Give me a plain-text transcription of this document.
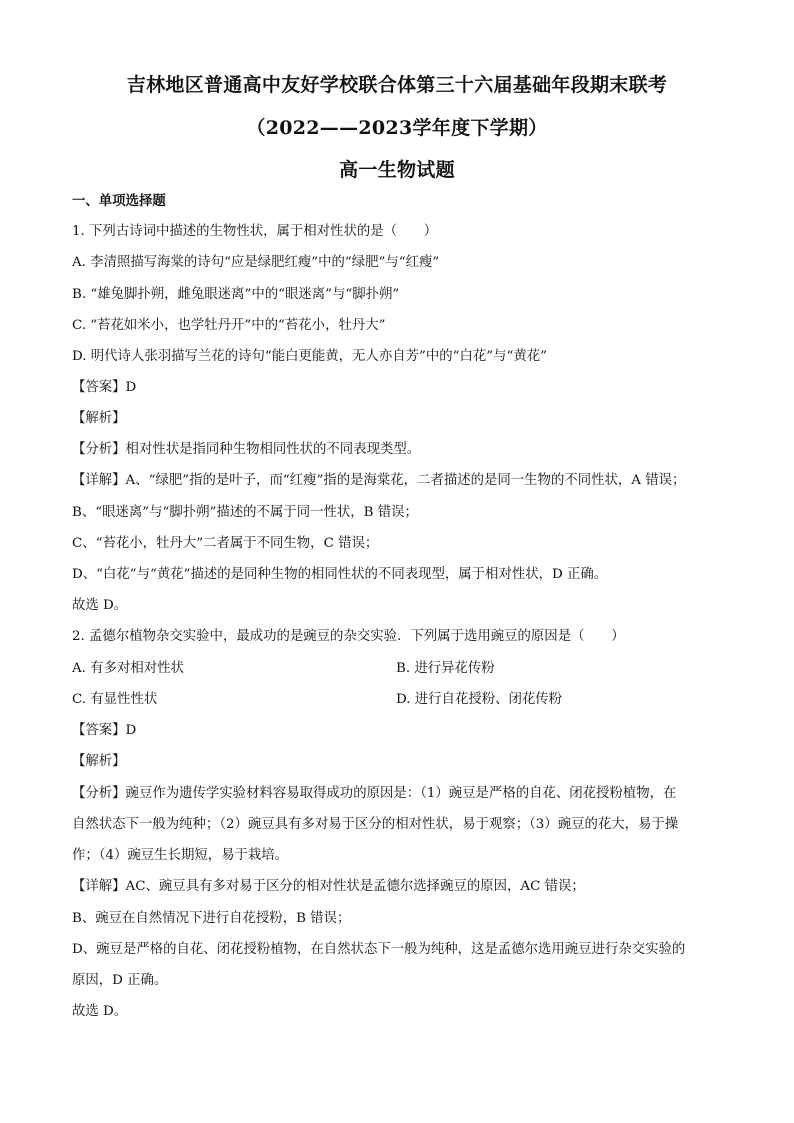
吉林地区普通高中友好学校联合体第三十六届基础年段期末联考
（2022——2023学年度下学期）
高一生物试题
一、单项选择题
1. 下列古诗词中描述的生物性状，属于相对性状的是（　　）
A. 李清照描写海棠的诗句“应是绿肥红瘦”中的“绿肥”与“红瘦”
B. “雄兔脚扑朔，雌兔眼迷离”中的“眼迷离”与“脚扑朔”
C. “苔花如米小，也学牡丹开”中的“苔花小，牡丹大”
D. 明代诗人张羽描写兰花的诗句“能白更能黄，无人亦自芳”中的“白花”与“黄花”
【答案】D
【解析】
【分析】相对性状是指同种生物相同性状的不同表现类型。
【详解】A、“绿肥”指的是叶子，而“红瘦”指的是海棠花，二者描述的是同一生物的不同性状，A 错误；
B、“眼迷离”与“脚扑朔”描述的不属于同一性状，B 错误；
C、“苔花小，牡丹大”二者属于不同生物，C 错误；
D、“白花”与“黄花”描述的是同种生物的相同性状的不同表现型，属于相对性状，D 正确。
故选 D。
2. 孟德尔植物杂交实验中，最成功的是豌豆的杂交实验．下列属于选用豌豆的原因是（　　）
A. 有多对相对性状	B. 进行异花传粉
C. 有显性性状	D. 进行自花授粉、闭花传粉
【答案】D
【解析】
【分析】豌豆作为遗传学实验材料容易取得成功的原因是：（1）豌豆是严格的自花、闭花授粉植物，在
自然状态下一般为纯种；（2）豌豆具有多对易于区分的相对性状，易于观察；（3）豌豆的花大，易于操
作；（4）豌豆生长期短，易于栽培。
【详解】AC、豌豆具有多对易于区分的相对性状是孟德尔选择豌豆的原因，AC 错误；
B、豌豆在自然情况下进行自花授粉，B 错误；
D、豌豆是严格的自花、闭花授粉植物，在自然状态下一般为纯种，这是孟德尔选用豌豆进行杂交实验的
原因，D 正确。
故选 D。
